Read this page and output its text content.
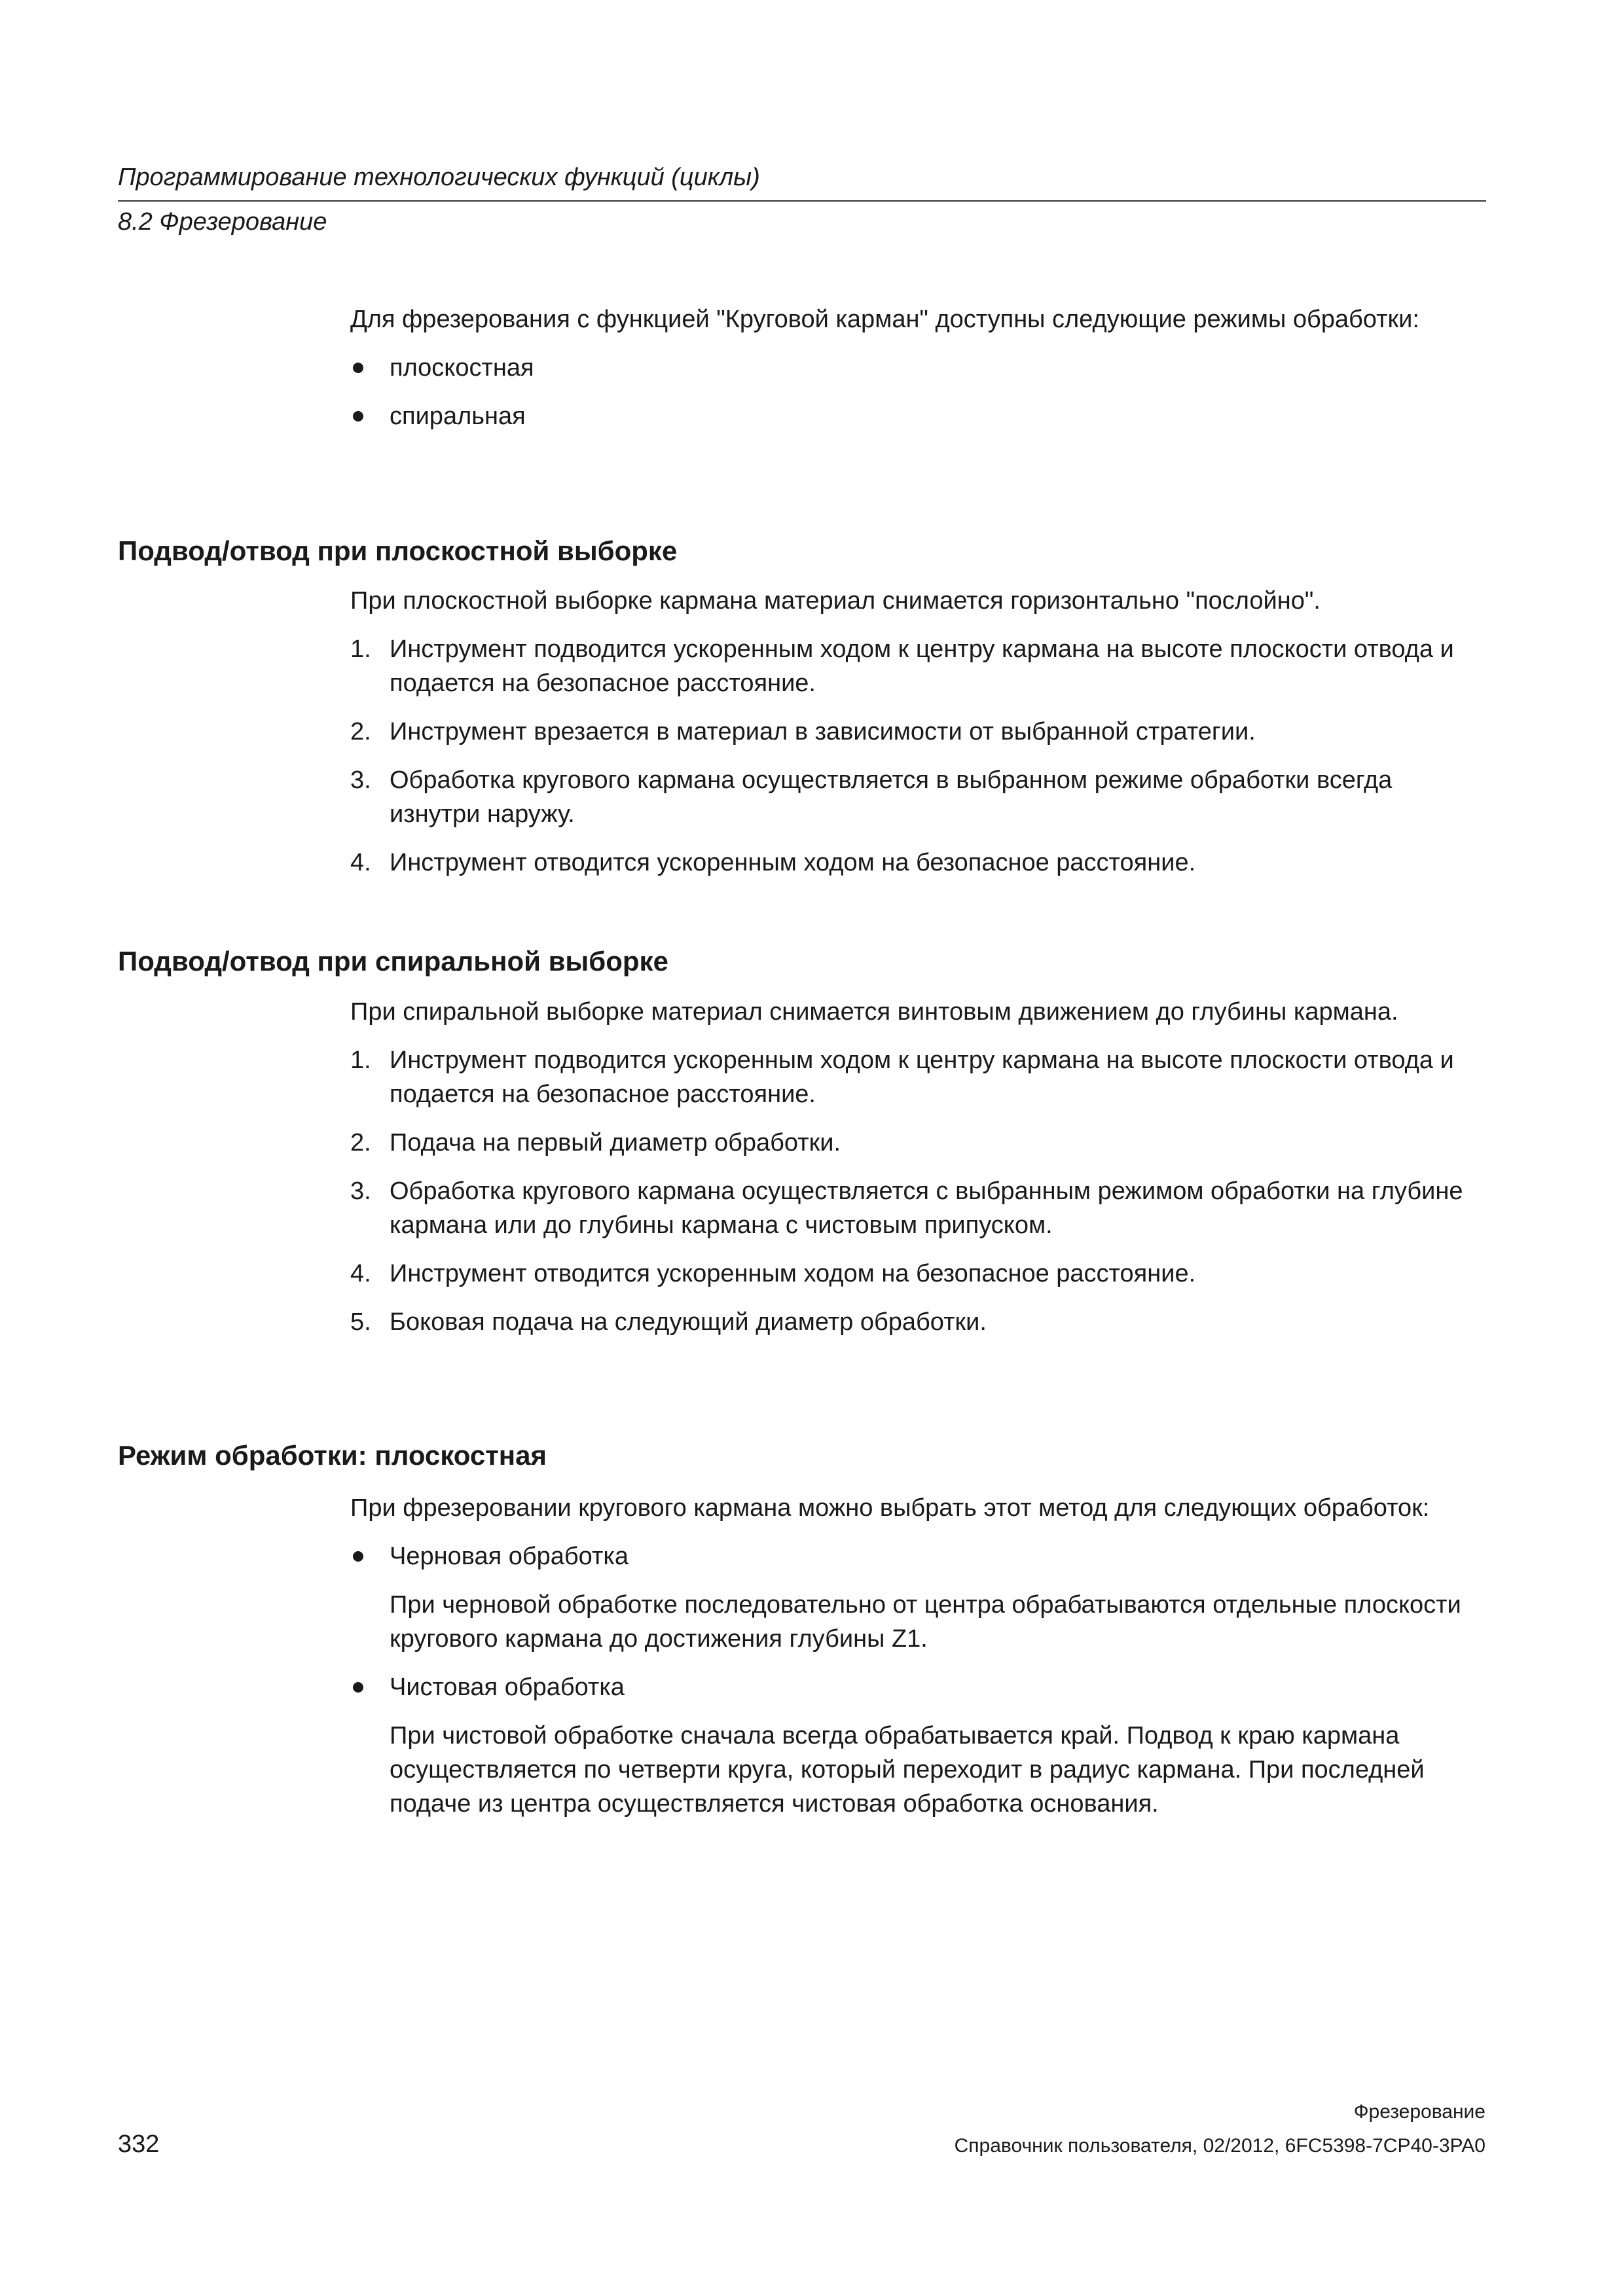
Программирование технологических функций (циклы)
8.2 Фрезерование

Для фрезерования с функцией "Круговой карман" доступны следующие режимы обработки:

плоскостная
спиральная
Подвод/отвод при плоскостной выборке

При плоскостной выборке кармана материал снимается горизонтально "послойно".

1. Инструмент подводится ускоренным ходом к центру кармана на высоте плоскости отвода и подается на безопасное расстояние.
2. Инструмент врезается в материал в зависимости от выбранной стратегии.
3. Обработка кругового кармана осуществляется в выбранном режиме обработки всегда изнутри наружу.
4. Инструмент отводится ускоренным ходом на безопасное расстояние.
Подвод/отвод при спиральной выборке

При спиральной выборке материал снимается винтовым движением до глубины кармана.

1. Инструмент подводится ускоренным ходом к центру кармана на высоте плоскости отвода и подается на безопасное расстояние.
2. Подача на первый диаметр обработки.
3. Обработка кругового кармана осуществляется с выбранным режимом обработки на глубине кармана или до глубины кармана с чистовым припуском.
4. Инструмент отводится ускоренным ходом на безопасное расстояние.
5. Боковая подача на следующий диаметр обработки.
Режим обработки: плоскостная

При фрезеровании кругового кармана можно выбрать этот метод для следующих обработок:

Черновая обработка
При черновой обработке последовательно от центра обрабатываются отдельные плоскости кругового кармана до достижения глубины Z1.
Чистовая обработка
При чистовой обработке сначала всегда обрабатывается край. Подвод к краю кармана осуществляется по четверти круга, который переходит в радиус кармана. При последней подаче из центра осуществляется чистовая обработка основания.
Фрезерование
332	Справочник пользователя, 02/2012, 6FC5398-7CP40-3PA0
